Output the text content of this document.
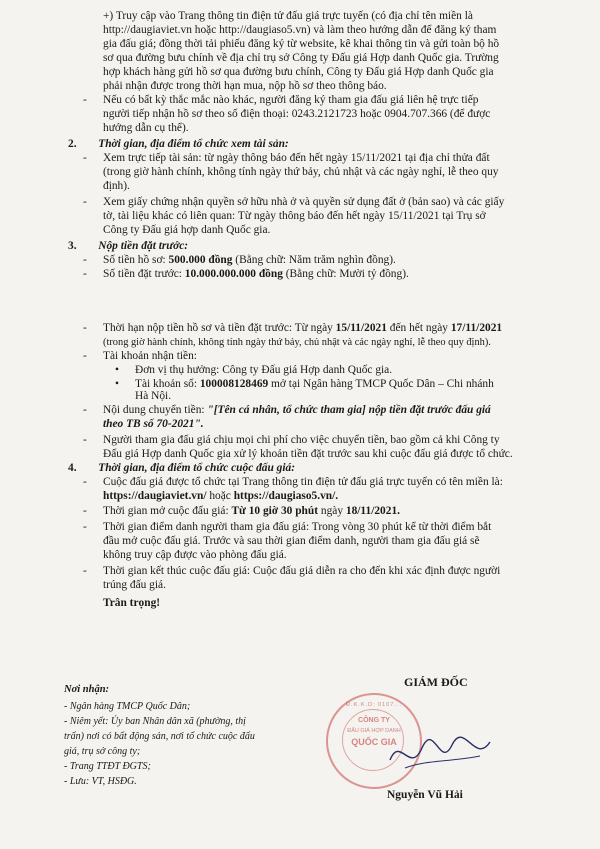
+) Truy cập vào Trang thông tin điện tử đấu giá trực tuyến (có địa chỉ tên miền là
http://daugiaviet.vn hoặc http://daugiaso5.vn) và làm theo hướng dẫn để đăng ký tham
gia đấu giá; đồng thời tải phiếu đăng ký từ website, kê khai thông tin và gửi toàn bộ hồ
sơ qua đường bưu chính về địa chỉ trụ sở Công ty Đấu giá Hợp danh Quốc gia. Trường
hợp khách hàng gửi hồ sơ qua đường bưu chính, Công ty Đấu giá Hợp danh Quốc gia
phải nhận được trong thời hạn mua, nộp hồ sơ theo thông báo.
Nếu có bất kỳ thắc mắc nào khác, người đăng ký tham gia đấu giá liên hệ trực tiếp
người tiếp nhận hồ sơ theo số điện thoại: 0243.2121723 hoặc 0904.707.366 (để được
hướng dẫn cụ thể).
Xem trực tiếp tài sản: từ ngày thông báo đến hết ngày 15/11/2021 tại địa chỉ thửa đất
(trong giờ hành chính, không tính ngày thứ bảy, chủ nhật và các ngày nghỉ, lễ theo quy
định).
Xem giấy chứng nhận quyền sở hữu nhà ở và quyền sử dụng đất ở (bản sao) và các giấy
tờ, tài liệu khác có liên quan: Từ ngày thông báo đến hết ngày 15/11/2021 tại Trụ sở
Công ty Đấu giá hợp danh Quốc gia.
(trong giờ hành chính, không tính ngày thứ bảy, chủ nhật và các ngày nghỉ, lễ theo quy định).
Hà Nội.
theo TB số 70-2021".
Người tham gia đấu giá chịu mọi chi phí cho việc chuyển tiền, bao gồm cả khi Công ty
Đấu giá Hợp danh Quốc gia xử lý khoản tiền đặt trước sau khi cuộc đấu giá được tổ chức.
Cuộc đấu giá được tổ chức tại Trang thông tin điện tử đấu giá trực tuyến có tên miền là:
Thời gian điểm danh người tham gia đấu giá: Trong vòng 30 phút kể từ thời điểm bắt
đầu mở cuộc đấu giá. Trước và sau thời gian điểm danh, người tham gia đấu giá sẽ
không truy cập được vào phòng đấu giá.
Thời gian kết thúc cuộc đấu giá: Cuộc đấu giá diễn ra cho đến khi xác định được người
trúng đấu giá.
-
2. Thời gian, địa điểm tổ chức xem tài sản:
-
-
3. Nộp tiền đặt trước:
- Số tiền hồ sơ: 500.000 đồng (Bằng chữ: Năm trăm nghìn đồng).
- Số tiền đặt trước: 10.000.000.000 đồng (Bằng chữ: Mười tỷ đồng).
- Thời hạn nộp tiền hồ sơ và tiền đặt trước: Từ ngày 15/11/2021 đến hết ngày 17/11/2021
- Tài khoản nhận tiền:
• Đơn vị thụ hưởng: Công ty Đấu giá Hợp danh Quốc gia.
• Tài khoản số: 100008128469 mở tại Ngân hàng TMCP Quốc Dân – Chi nhánh
- Nội dung chuyển tiền: "[Tên cá nhân, tổ chức tham gia] nộp tiền đặt trước đấu giá
-
4. Thời gian, địa điểm tổ chức cuộc đấu giá:
-
https://daugiaviet.vn/ hoặc https://daugiaso5.vn/.
- Thời gian mở cuộc đấu giá: Từ 10 giờ 30 phút ngày 18/11/2021.
-
-
Trân trọng!
Nơi nhận:
- Ngân hàng TMCP Quốc Dân;
- Niêm yết: Ủy ban Nhân dân xã (phường, thị
trấn) nơi có bất động sản, nơi tổ chức cuộc đấu
giá, trụ sở công ty;
- Trang TTĐT ĐGTS;
- Lưu: VT, HSĐG.
GIÁM ĐỐC
Đ.K.K.D: 0107...
CÔNG TY
ĐẤU GIÁ HỢP DANH
QUỐC GIA
Nguyễn Vũ Hải
